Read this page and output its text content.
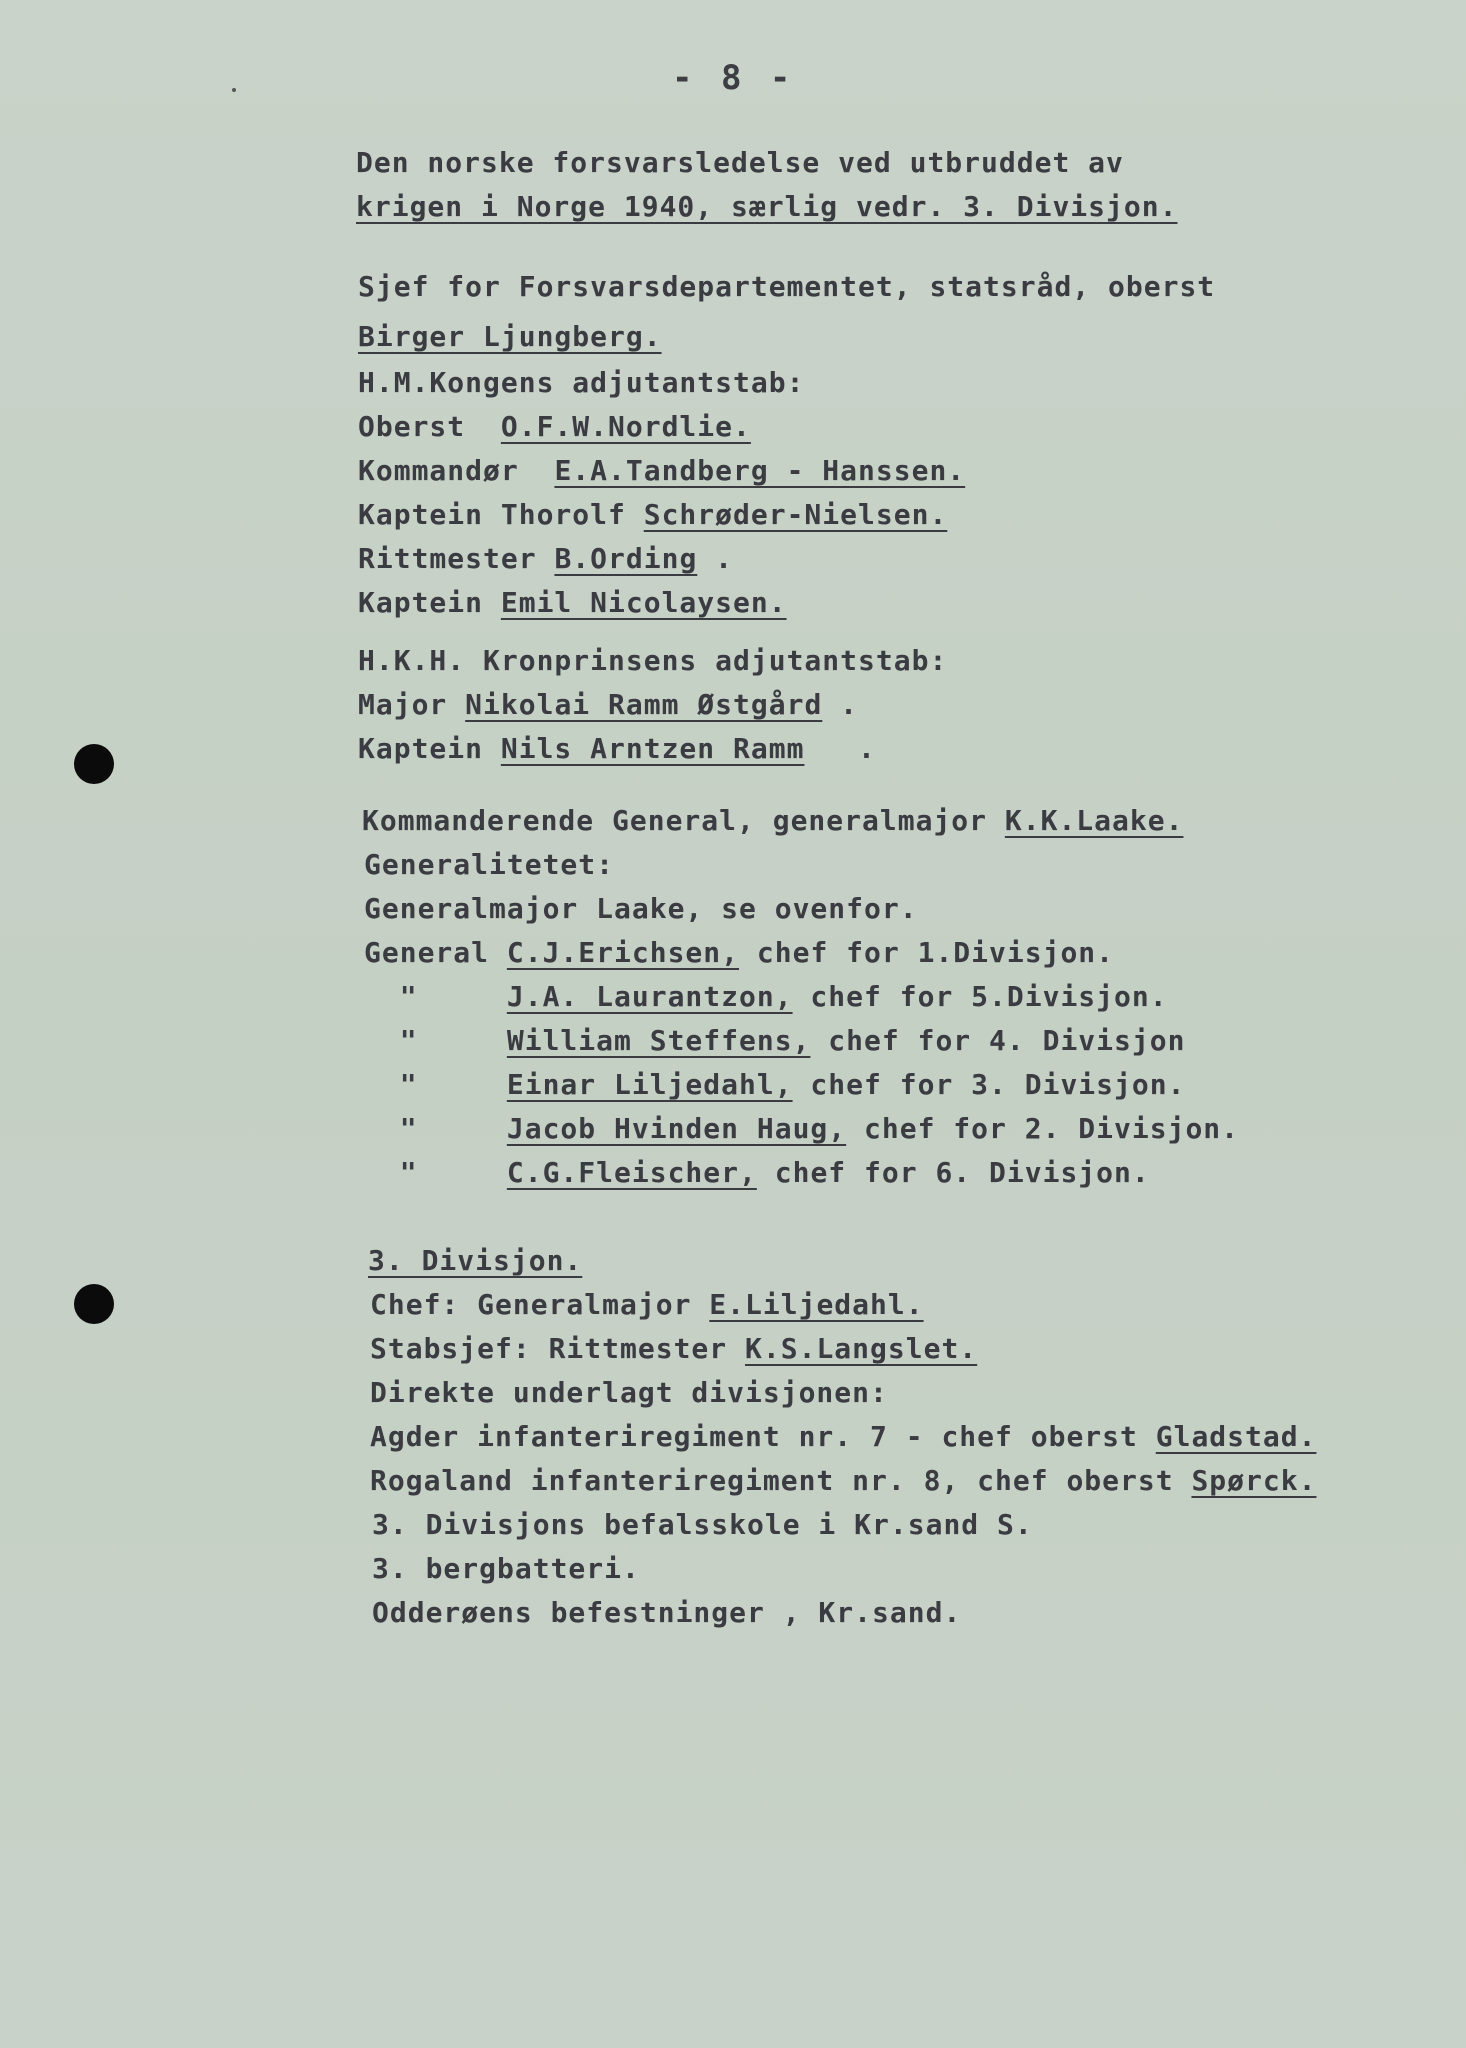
- 8 -
Den norske forsvarsledelse ved utbruddet av
krigen i Norge 1940, særlig vedr. 3. Divisjon.
Sjef for Forsvarsdepartementet, statsråd, oberst
Birger Ljungberg.
H.M.Kongens adjutantstab:
Oberst  O.F.W.Nordlie.
Kommandør  E.A.Tandberg - Hanssen.
Kaptein Thorolf Schrøder-Nielsen.
Rittmester B.Ording .
Kaptein Emil Nicolaysen.
H.K.H. Kronprinsens adjutantstab:
Major Nikolai Ramm Østgård .
Kaptein Nils Arntzen Ramm   .
Kommanderende General, generalmajor K.K.Laake.
Generalitetet:
Generalmajor Laake, se ovenfor.
General C.J.Erichsen, chef for 1.Divisjon.
"     J.A. Laurantzon, chef for 5.Divisjon.
"     William Steffens, chef for 4. Divisjon
"     Einar Liljedahl, chef for 3. Divisjon.
"     Jacob Hvinden Haug, chef for 2. Divisjon.
"     C.G.Fleischer, chef for 6. Divisjon.
3. Divisjon.
Chef: Generalmajor E.Liljedahl.
Stabsjef: Rittmester K.S.Langslet.
Direkte underlagt divisjonen:
Agder infanteriregiment nr. 7 - chef oberst Gladstad.
Rogaland infanteriregiment nr. 8, chef oberst Spørck.
3. Divisjons befalsskole i Kr.sand S.
3. bergbatteri.
Odderøens befestninger , Kr.sand.
